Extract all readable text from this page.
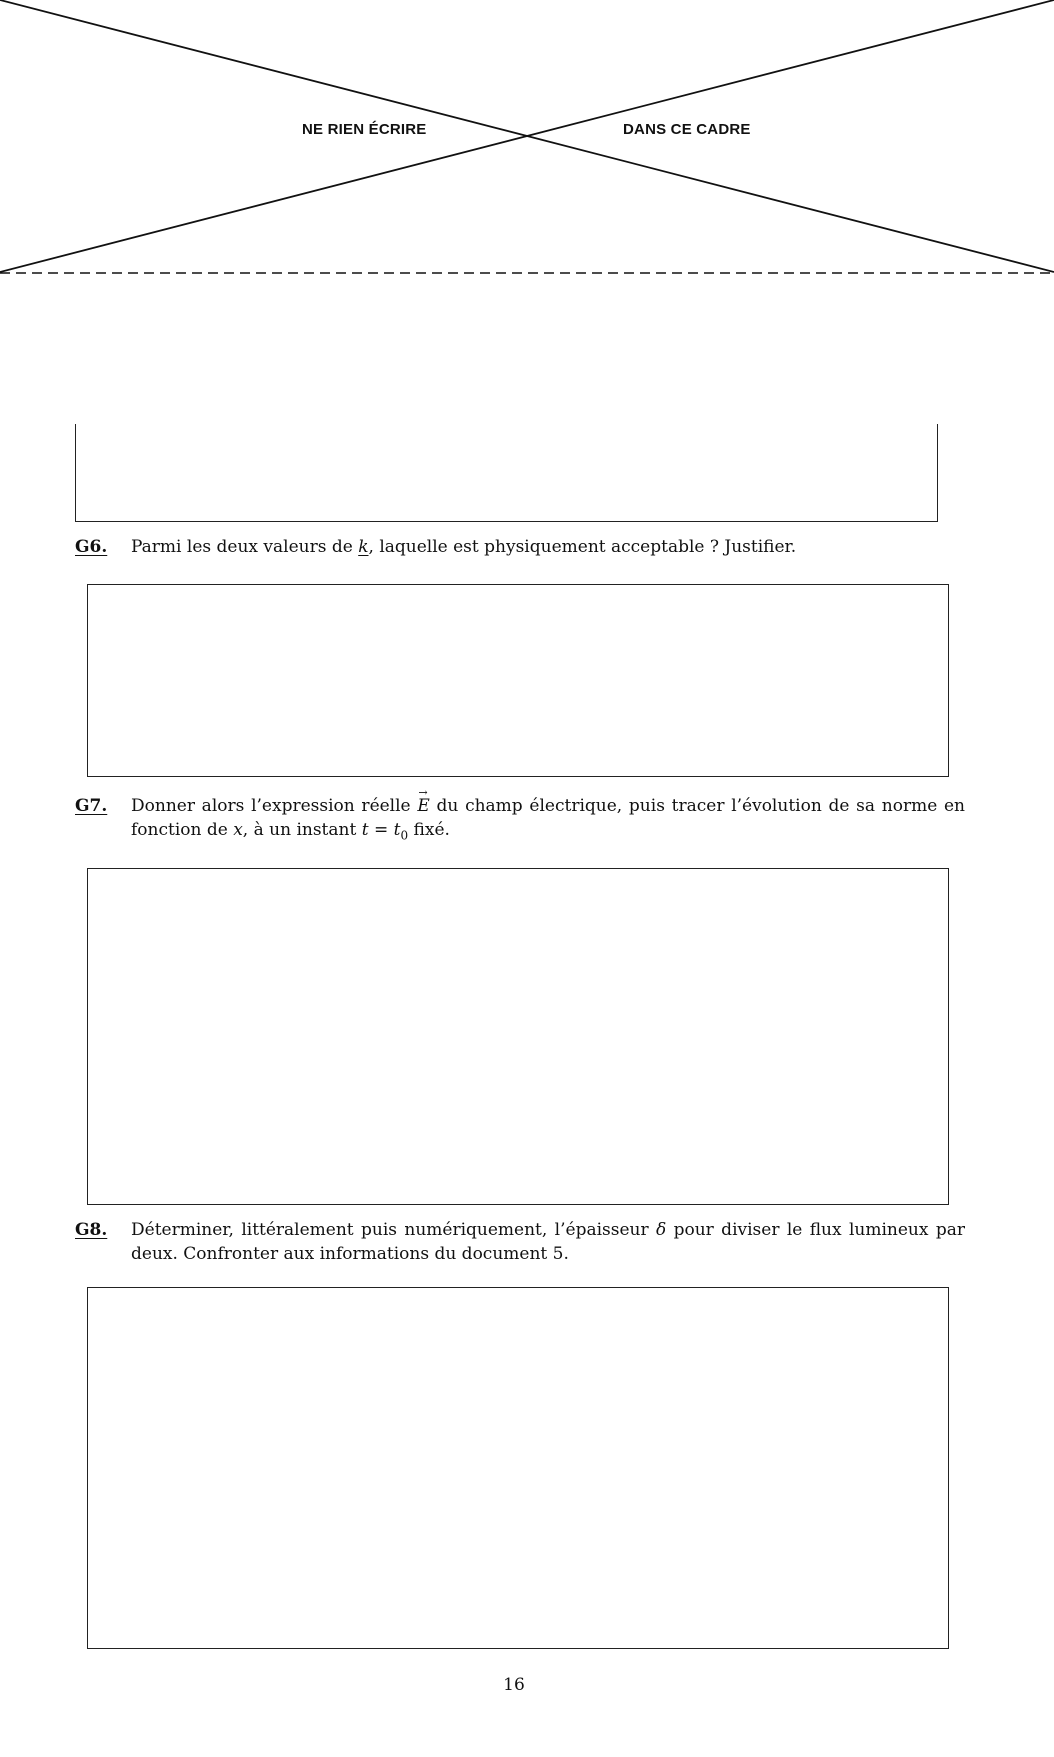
NE RIEN ÉCRIRE	DANS CE CADRE
G6. Parmi les deux valeurs de k, laquelle est physiquement acceptable ? Justifier.
G7. Donner alors l’expression réelle → E du champ électrique, puis tracer l’évolution de sa norme en fonction de x, à un instant $t = t_0$ fixé.
G8. Déterminer, littéralement puis numériquement, l’épaisseur δ pour diviser le flux lumineux par deux. Confronter aux informations du document 5.
16
